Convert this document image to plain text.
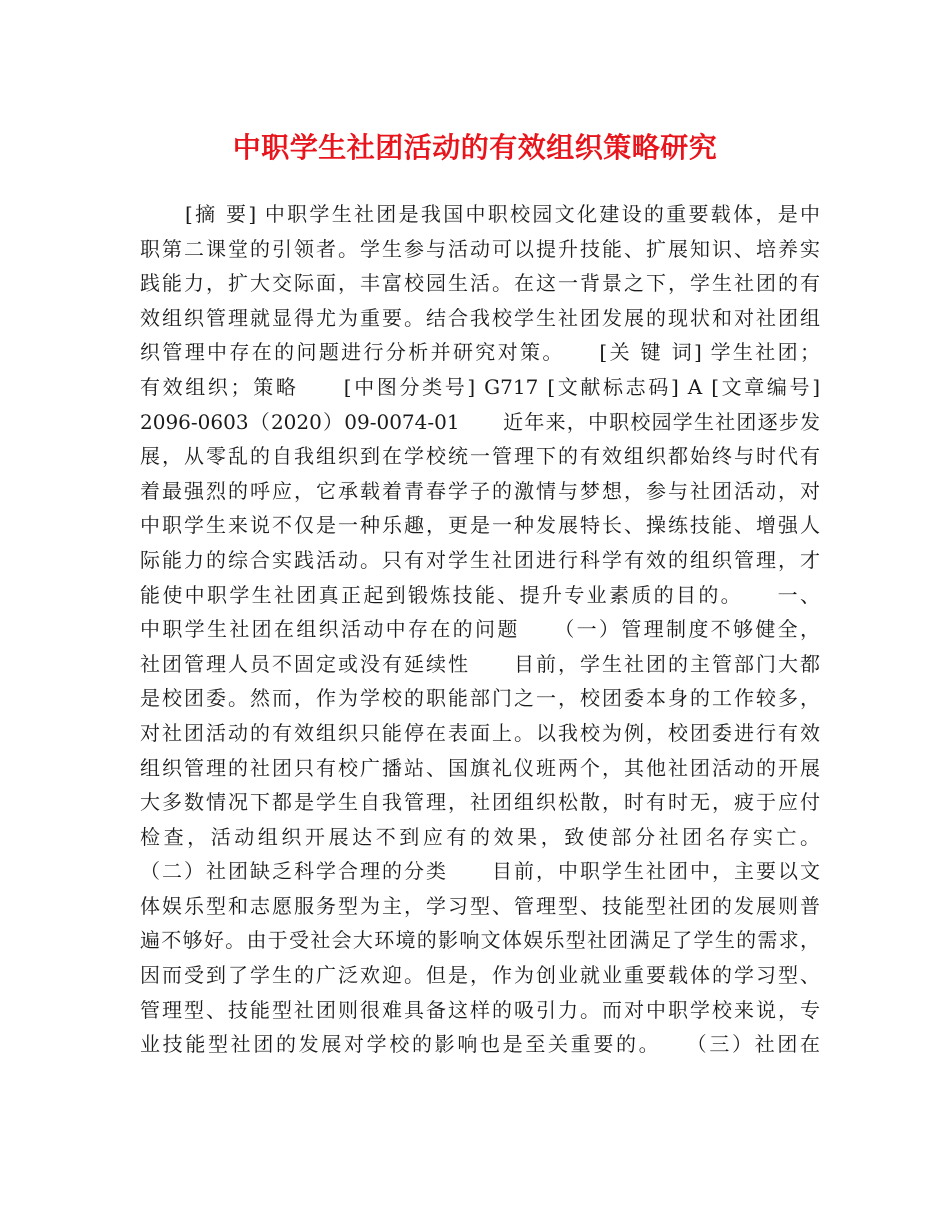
中职学生社团活动的有效组织策略研究
[摘 要] 中职学生社团是我国中职校园文化建设的重要载体，是中
职第二课堂的引领者。学生参与活动可以提升技能、扩展知识、培养实
践能力，扩大交际面，丰富校园生活。在这一背景之下，学生社团的有
效组织管理就显得尤为重要。结合我校学生社团发展的现状和对社团组
织管理中存在的问题进行分析并研究对策。　　[关 键 词] 学生社团；
有效组织；策略　　[中图分类号] G717 [文献标志码] A [文章编号]
2096-0603（2020）09-0074-01　　近年来，中职校园学生社团逐步发
展，从零乱的自我组织到在学校统一管理下的有效组织都始终与时代有
着最强烈的呼应，它承载着青春学子的激情与梦想，参与社团活动，对
中职学生来说不仅是一种乐趣，更是一种发展特长、操练技能、增强人
际能力的综合实践活动。只有对学生社团进行科学有效的组织管理，才
能使中职学生社团真正起到锻炼技能、提升专业素质的目的。　　一、
中职学生社团在组织活动中存在的问题　　（一）管理制度不够健全，
社团管理人员不固定或没有延续性　　目前，学生社团的主管部门大都
是校团委。然而，作为学校的职能部门之一，校团委本身的工作较多，
对社团活动的有效组织只能停在表面上。以我校为例，校团委进行有效
组织管理的社团只有校广播站、国旗礼仪班两个，其他社团活动的开展
大多数情况下都是学生自我管理，社团组织松散，时有时无，疲于应付
检查，活动组织开展达不到应有的效果，致使部分社团名存实亡。
（二）社团缺乏科学合理的分类　　目前，中职学生社团中，主要以文
体娱乐型和志愿服务型为主，学习型、管理型、技能型社团的发展则普
遍不够好。由于受社会大环境的影响文体娱乐型社团满足了学生的需求，
因而受到了学生的广泛欢迎。但是，作为创业就业重要载体的学习型、
管理型、技能型社团则很难具备这样的吸引力。而对中职学校来说，专
业技能型社团的发展对学校的影响也是至关重要的。　　（三）社团在
